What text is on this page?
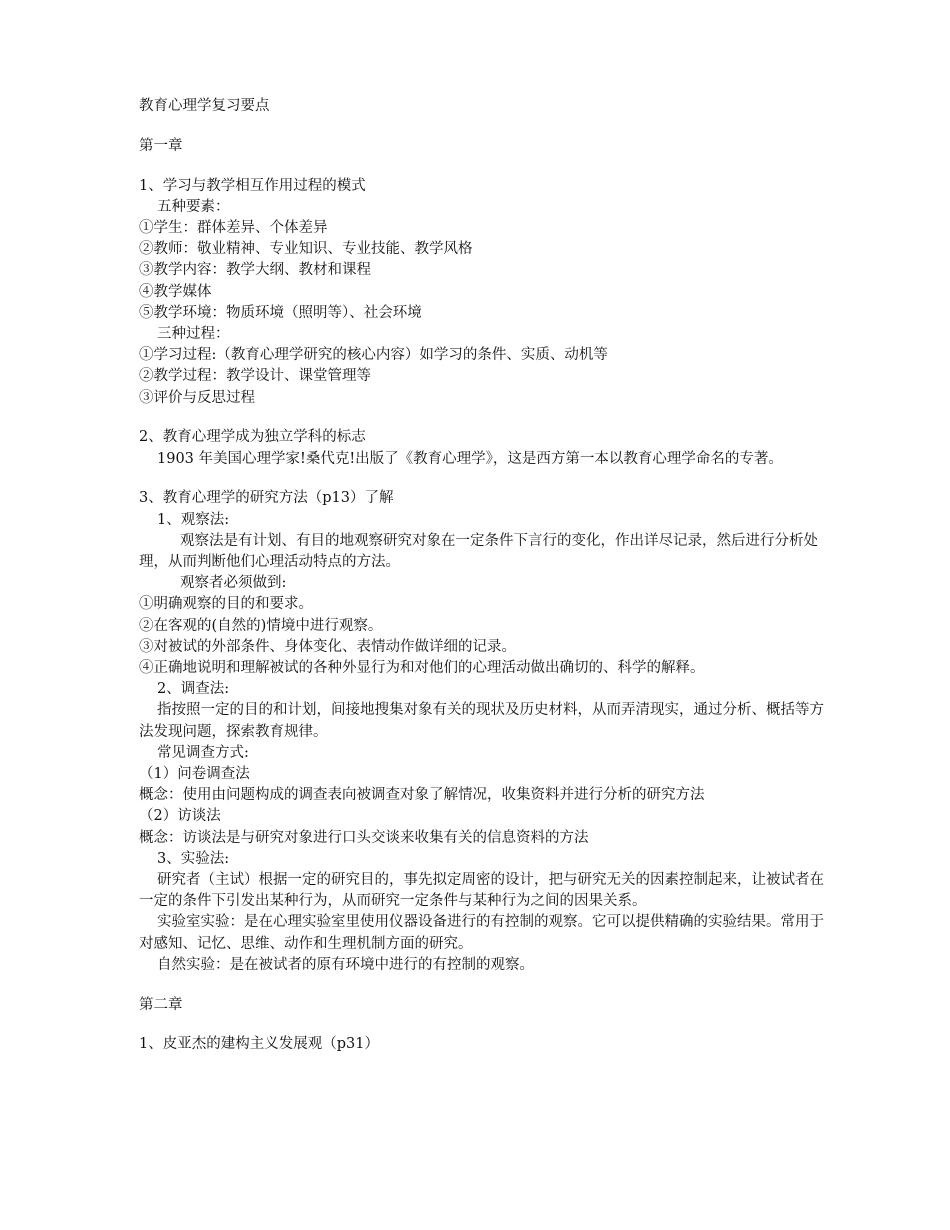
教育心理学复习要点
第一章
1、学习与教学相互作用过程的模式
五种要素：
①学生：群体差异、个体差异
②教师：敬业精神、专业知识、专业技能、教学风格
③教学内容：教学大纲、教材和课程
④教学媒体
⑤教学环境：物质环境（照明等）、社会环境
三种过程：
①学习过程:（教育心理学研究的核心内容）如学习的条件、实质、动机等
②教学过程：教学设计、课堂管理等
③评价与反思过程
2、教育心理学成为独立学科的标志
1903 年美国心理学家!桑代克!出版了《教育心理学》，这是西方第一本以教育心理学命名的专著。
3、教育心理学的研究方法（p13）了解
1、观察法:
观察法是有计划、有目的地观察研究对象在一定条件下言行的变化，作出详尽记录，然后进行分析处理，从而判断他们心理活动特点的方法。
观察者必须做到:
①明确观察的目的和要求。
②在客观的(自然的)情境中进行观察。
③对被试的外部条件、身体变化、表情动作做详细的记录。
④正确地说明和理解被试的各种外显行为和对他们的心理活动做出确切的、科学的解释。
2、调查法:
指按照一定的目的和计划，间接地搜集对象有关的现状及历史材料，从而弄清现实，通过分析、概括等方法发现问题，探索教育规律。
常见调查方式:
（1）问卷调查法
概念：使用由问题构成的调查表向被调查对象了解情况，收集资料并进行分析的研究方法
（2）访谈法
概念：访谈法是与研究对象进行口头交谈来收集有关的信息资料的方法
3、实验法:
研究者（主试）根据一定的研究目的，事先拟定周密的设计，把与研究无关的因素控制起来，让被试者在一定的条件下引发出某种行为，从而研究一定条件与某种行为之间的因果关系。
实验室实验：是在心理实验室里使用仪器设备进行的有控制的观察。它可以提供精确的实验结果。常用于对感知、记忆、思维、动作和生理机制方面的研究。
自然实验：是在被试者的原有环境中进行的有控制的观察。
第二章
1、皮亚杰的建构主义发展观（p31）
